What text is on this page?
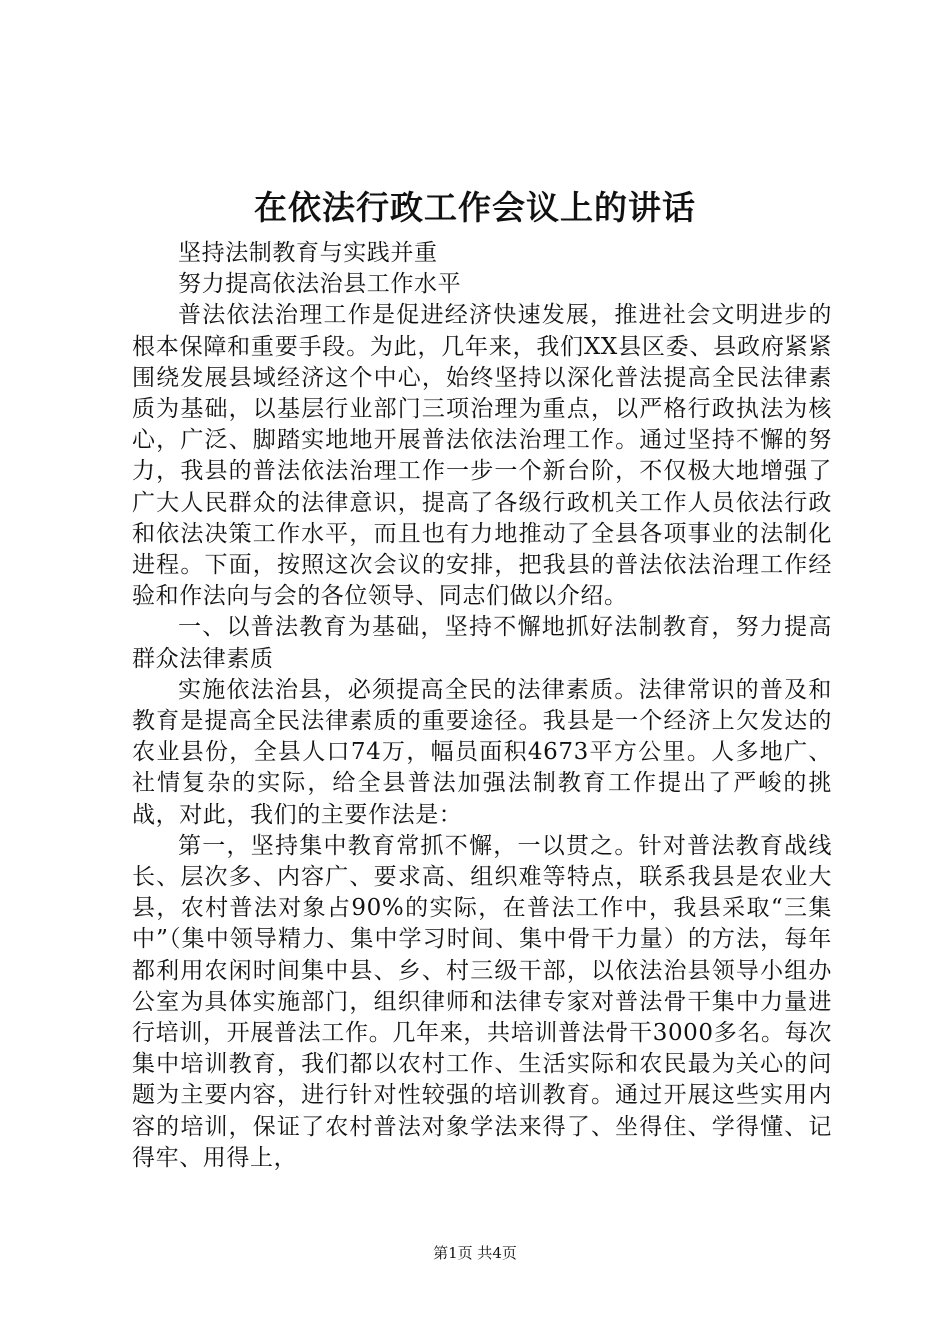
在依法行政工作会议上的讲话

坚持法制教育与实践并重

努力提高依法治县工作水平

普法依法治理工作是促进经济快速发展，推进社会文明进步的根本保障和重要手段。为此，几年来，我们XX县区委、县政府紧紧围绕发展县域经济这个中心，始终坚持以深化普法提高全民法律素质为基础，以基层行业部门三项治理为重点，以严格行政执法为核心，广泛、脚踏实地地开展普法依法治理工作。通过坚持不懈的努力，我县的普法依法治理工作一步一个新台阶，不仅极大地增强了广大人民群众的法律意识，提高了各级行政机关工作人员依法行政和依法决策工作水平，而且也有力地推动了全县各项事业的法制化进程。下面，按照这次会议的安排，把我县的普法依法治理工作经验和作法向与会的各位领导、同志们做以介绍。

一、以普法教育为基础，坚持不懈地抓好法制教育，努力提高群众法律素质

实施依法治县，必须提高全民的法律素质。法律常识的普及和教育是提高全民法律素质的重要途径。我县是一个经济上欠发达的农业县份，全县人口74万，幅员面积4673平方公里。人多地广、社情复杂的实际，给全县普法加强法制教育工作提出了严峻的挑战，对此，我们的主要作法是：

第一，坚持集中教育常抓不懈，一以贯之。针对普法教育战线长、层次多、内容广、要求高、组织难等特点，联系我县是农业大县，农村普法对象占90%的实际，在普法工作中，我县采取“三集中”（集中领导精力、集中学习时间、集中骨干力量）的方法，每年都利用农闲时间集中县、乡、村三级干部，以依法治县领导小组办公室为具体实施部门，组织律师和法律专家对普法骨干集中力量进行培训，开展普法工作。几年来，共培训普法骨干3000多名。每次集中培训教育，我们都以农村工作、生活实际和农民最为关心的问题为主要内容，进行针对性较强的培训教育。通过开展这些实用内容的培训，保证了农村普法对象学法来得了、坐得住、学得懂、记得牢、用得上，

第1页 共4页
